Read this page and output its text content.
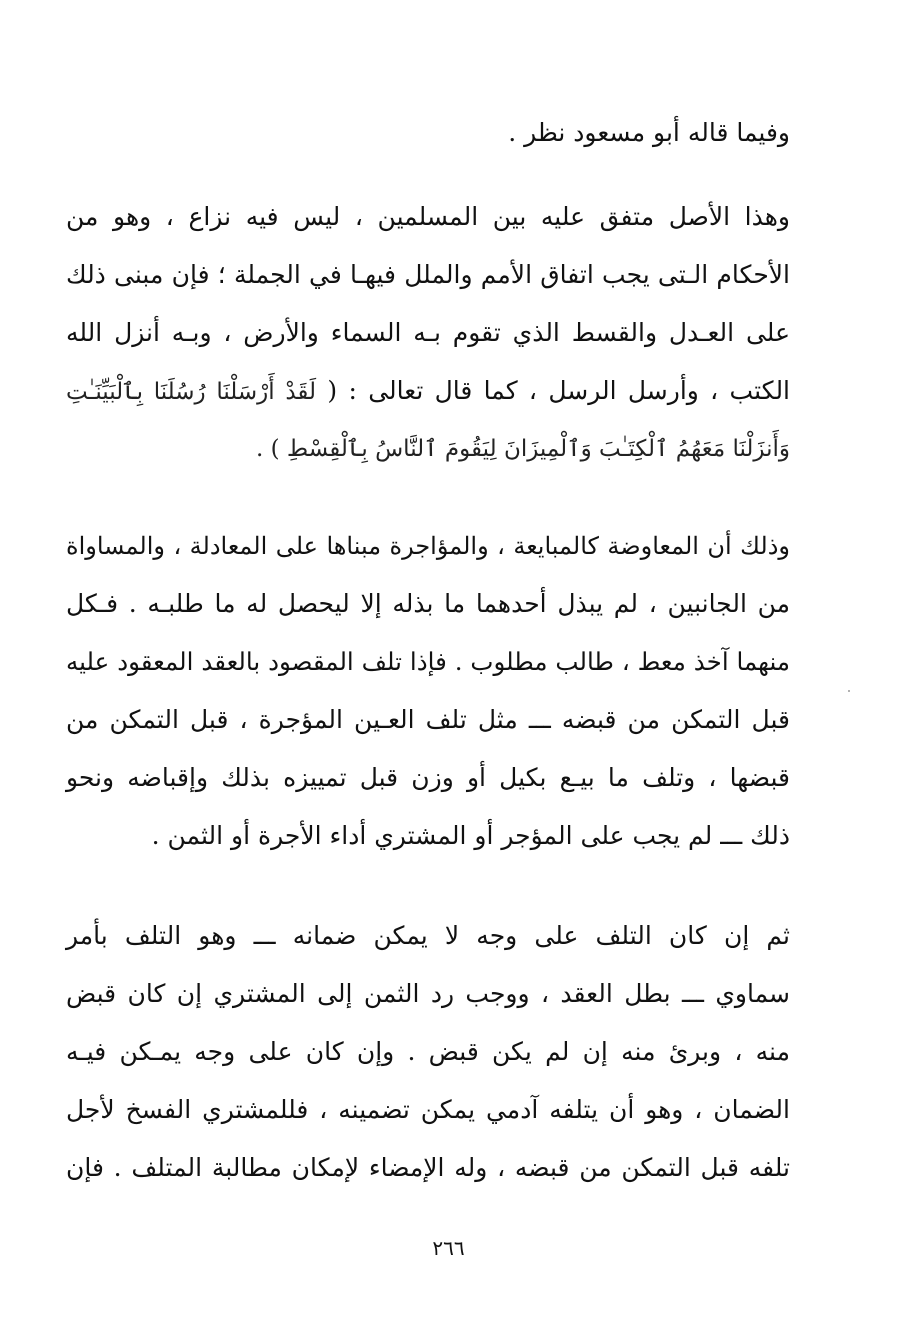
وفيما قاله أبو مسعود نظر .
وهذا الأصل متفق عليه بين المسلمين ، ليس فيه نزاع ، وهو من
الأحكام الـتى يجب اتفاق الأمم والملل فيهـا في الجملة ؛ فإن مبنى ذلك
على العـدل والقسط الذي تقوم بـه السماء والأرض ، وبـه أنزل الله
الكتب ، وأرسل الرسل ، كما قال تعالى : ( لَقَدْ أَرْسَلْنَا رُسُلَنَا بِٱلْبَيِّنَـٰتِ
وَأَنزَلْنَا مَعَهُمُ ٱلْكِتَـٰبَ وَٱلْمِيزَانَ لِيَقُومَ ٱلنَّاسُ بِٱلْقِسْطِ ) .
وذلك أن المعاوضة كالمبايعة ، والمؤاجرة مبناها على المعادلة ، والمساواة
من الجانبين ، لم يبذل أحدهما ما بذله إلا ليحصل له ما طلبـه . فـكل
منهما آخذ معط ، طالب مطلوب . فإذا تلف المقصود بالعقد المعقود عليه
قبل التمكن من قبضه ـــ مثل تلف العـين المؤجرة ، قبل التمكن من
قبضها ، وتلف ما بيـع بكيل أو وزن قبل تمييزه بذلك وإقباضه ونحو
ذلك ـــ لم يجب على المؤجر أو المشتري أداء الأجرة أو الثمن .
ثم إن كان التلف على وجه لا يمكن ضمانه ـــ وهو التلف بأمر
سماوي ـــ بطل العقد ، ووجب رد الثمن إلى المشتري إن كان قبض
منه ، وبرئ منه إن لم يكن قبض . وإن كان على وجه يمـكن فيـه
الضمان ، وهو أن يتلفه آدمي يمكن تضمينه ، فللمشتري الفسخ لأجل
تلفه قبل التمكن من قبضه ، وله الإمضاء لإمكان مطالبة المتلف . فإن
٢٦٦
